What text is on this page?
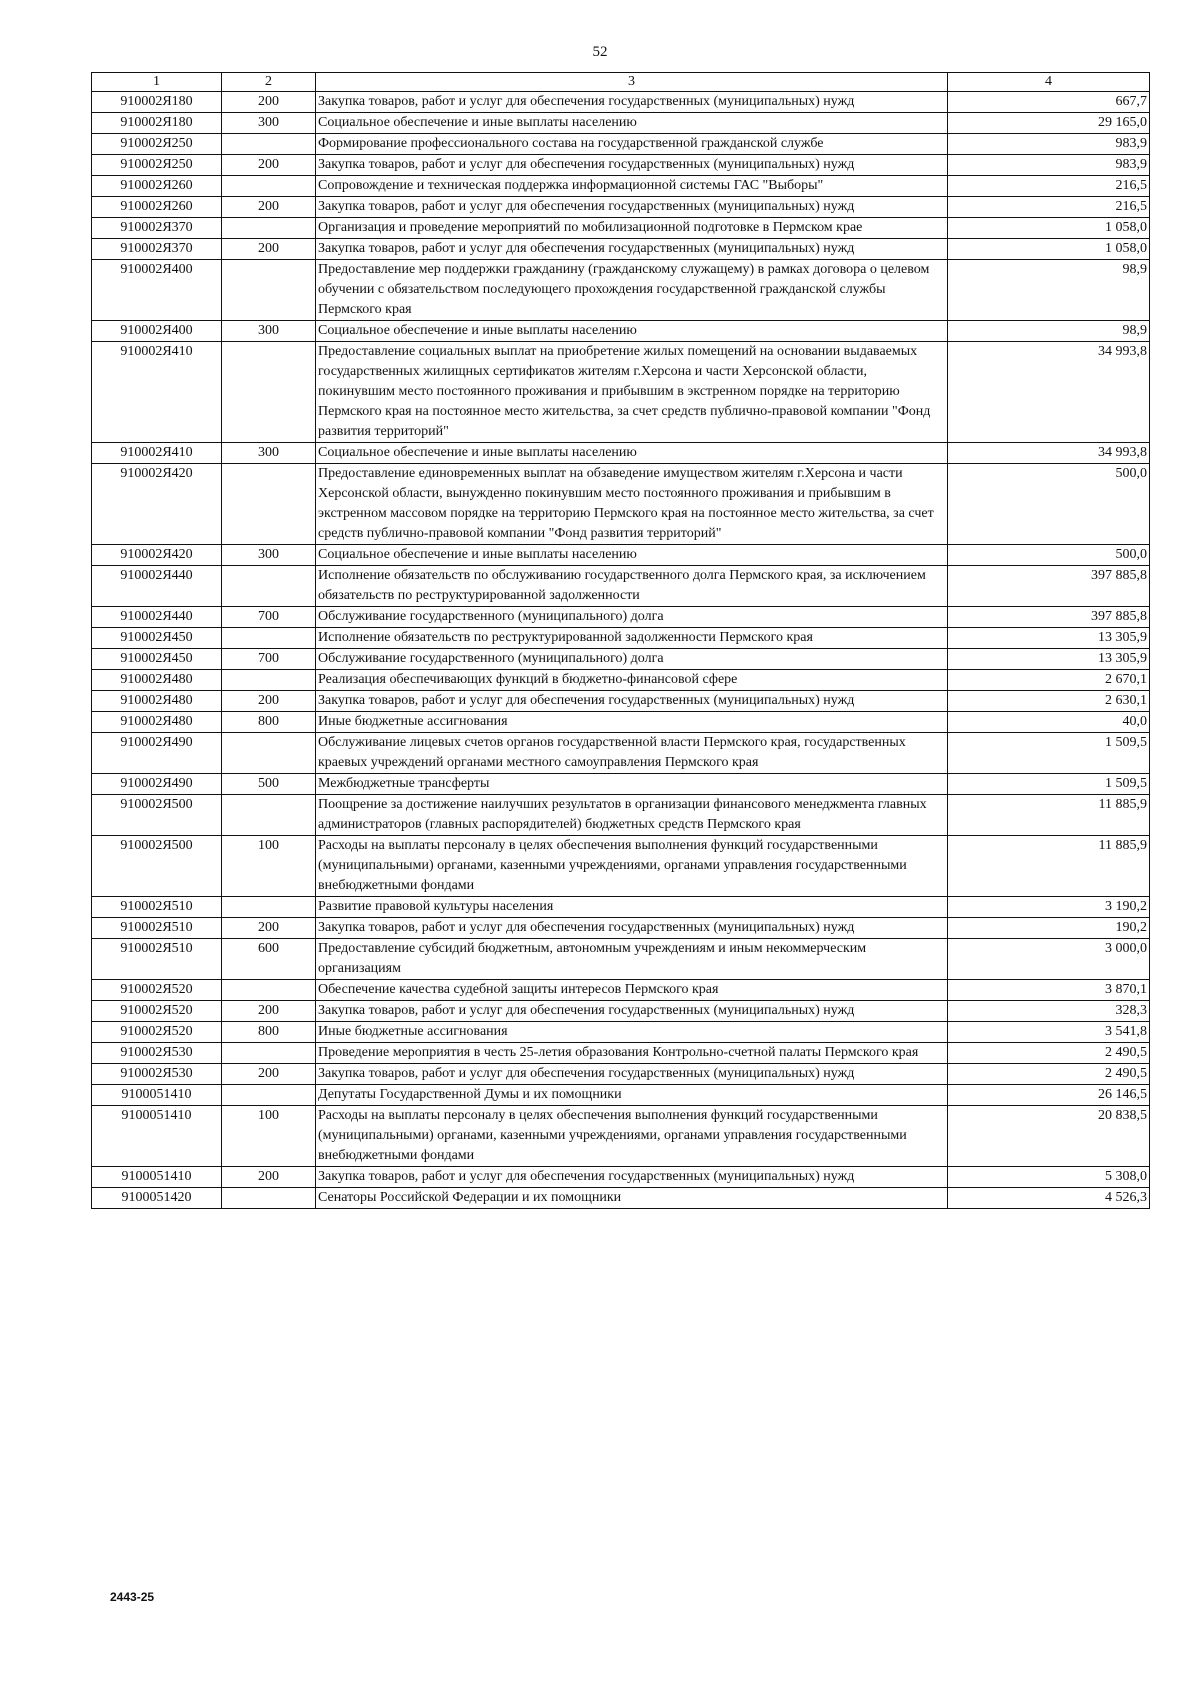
52
1	2	3	4
910002Я180	200	Закупка товаров, работ и услуг для обеспечения государственных (муниципальных) нужд	667,7
910002Я180	300	Социальное обеспечение и иные выплаты населению	29 165,0
910002Я250		Формирование профессионального состава на государственной гражданской службе	983,9
910002Я250	200	Закупка товаров, работ и услуг для обеспечения государственных (муниципальных) нужд	983,9
910002Я260		Сопровождение и техническая поддержка информационной системы ГАС "Выборы"	216,5
910002Я260	200	Закупка товаров, работ и услуг для обеспечения государственных (муниципальных) нужд	216,5
910002Я370		Организация и проведение мероприятий по мобилизационной подготовке в Пермском крае	1 058,0
910002Я370	200	Закупка товаров, работ и услуг для обеспечения государственных (муниципальных) нужд	1 058,0
910002Я400		Предоставление мер поддержки гражданину (гражданскому служащему) в рамках договора о целевом обучении с обязательством последующего прохождения государственной гражданской службы Пермского края	98,9
910002Я400	300	Социальное обеспечение и иные выплаты населению	98,9
910002Я410		Предоставление социальных выплат на приобретение жилых помещений на основании выдаваемых государственных жилищных сертификатов жителям г.Херсона и части Херсонской области, покинувшим место постоянного проживания и прибывшим в экстренном порядке на территорию Пермского края на постоянное место жительства, за счет средств публично-правовой компании "Фонд развития территорий"	34 993,8
910002Я410	300	Социальное обеспечение и иные выплаты населению	34 993,8
910002Я420		Предоставление единовременных выплат на обзаведение имуществом жителям г.Херсона и части Херсонской области, вынужденно покинувшим место постоянного проживания и прибывшим в экстренном массовом порядке на территорию Пермского края на постоянное место жительства, за счет средств публично-правовой компании "Фонд развития территорий"	500,0
910002Я420	300	Социальное обеспечение и иные выплаты населению	500,0
910002Я440		Исполнение обязательств по обслуживанию государственного долга Пермского края, за исключением обязательств по реструктурированной задолженности	397 885,8
910002Я440	700	Обслуживание государственного (муниципального) долга	397 885,8
910002Я450		Исполнение обязательств по реструктурированной задолженности Пермского края	13 305,9
910002Я450	700	Обслуживание государственного (муниципального) долга	13 305,9
910002Я480		Реализация обеспечивающих функций в бюджетно-финансовой сфере	2 670,1
910002Я480	200	Закупка товаров, работ и услуг для обеспечения государственных (муниципальных) нужд	2 630,1
910002Я480	800	Иные бюджетные ассигнования	40,0
910002Я490		Обслуживание лицевых счетов органов государственной власти Пермского края, государственных краевых учреждений органами местного самоуправления Пермского края	1 509,5
910002Я490	500	Межбюджетные трансферты	1 509,5
910002Я500		Поощрение за достижение наилучших результатов в организации финансового менеджмента главных администраторов (главных распорядителей) бюджетных средств Пермского края	11 885,9
910002Я500	100	Расходы на выплаты персоналу в целях обеспечения выполнения функций государственными (муниципальными) органами, казенными учреждениями, органами управления государственными внебюджетными фондами	11 885,9
910002Я510		Развитие правовой культуры населения	3 190,2
910002Я510	200	Закупка товаров, работ и услуг для обеспечения государственных (муниципальных) нужд	190,2
910002Я510	600	Предоставление субсидий бюджетным, автономным учреждениям и иным некоммерческим организациям	3 000,0
910002Я520		Обеспечение качества судебной защиты интересов Пермского края	3 870,1
910002Я520	200	Закупка товаров, работ и услуг для обеспечения государственных (муниципальных) нужд	328,3
910002Я520	800	Иные бюджетные ассигнования	3 541,8
910002Я530		Проведение мероприятия в честь 25-летия образования Контрольно-счетной палаты Пермского края	2 490,5
910002Я530	200	Закупка товаров, работ и услуг для обеспечения государственных (муниципальных) нужд	2 490,5
9100051410		Депутаты Государственной Думы и их помощники	26 146,5
9100051410	100	Расходы на выплаты персоналу в целях обеспечения выполнения функций государственными (муниципальными) органами, казенными учреждениями, органами управления государственными внебюджетными фондами	20 838,5
9100051410	200	Закупка товаров, работ и услуг для обеспечения государственных (муниципальных) нужд	5 308,0
9100051420		Сенаторы Российской Федерации и их помощники	4 526,3
2443-25
